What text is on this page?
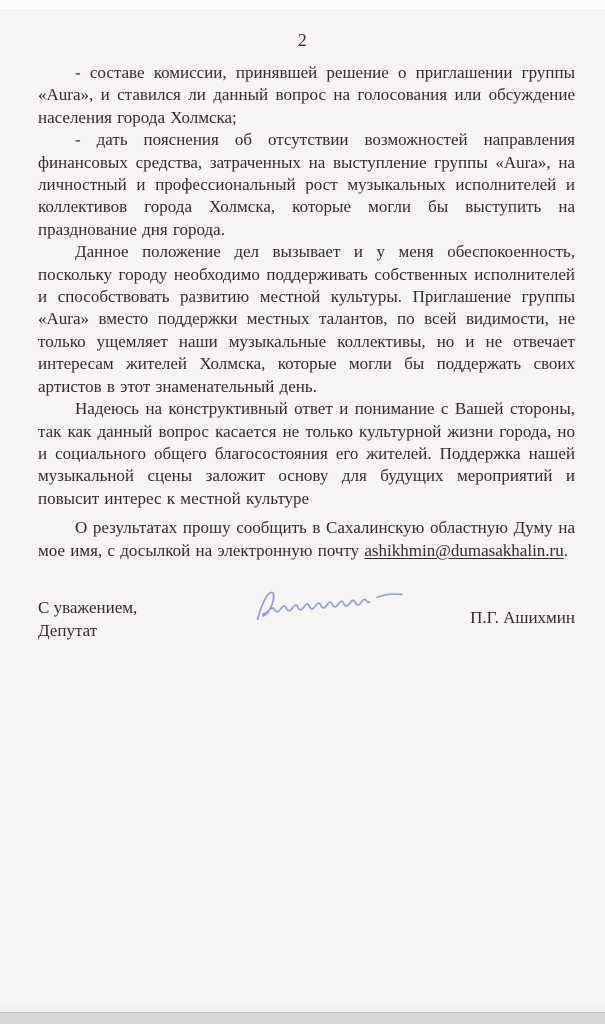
2

- составе комиссии, принявшей решение о приглашении группы «Aura», и ставился ли данный вопрос на голосования или обсуждение населения города Холмска;

- дать пояснения об отсутствии возможностей направления финансовых средства, затраченных на выступление группы «Aura», на личностный и профессиональный рост музыкальных исполнителей и коллективов города Холмска, которые могли бы выступить на празднование дня города.

Данное положение дел вызывает и у меня обеспокоенность, поскольку городу необходимо поддерживать собственных исполнителей и способствовать развитию местной культуры. Приглашение группы «Aura» вместо поддержки местных талантов, по всей видимости, не только ущемляет наши музыкальные коллективы, но и не отвечает интересам жителей Холмска, которые могли бы поддержать своих артистов в этот знаменательный день.

Надеюсь на конструктивный ответ и понимание с Вашей стороны, так как данный вопрос касается не только культурной жизни города, но и социального общего благосостояния его жителей. Поддержка нашей музыкальной сцены заложит основу для будущих мероприятий и повысит интерес к местной культуре

О результатах прошу сообщить в Сахалинскую областную Думу на мое имя, с досылкой на электронную почту ashikhmin@dumasakhalin.ru.

С уважением,
Депутат
П.Г. Ашихмин
